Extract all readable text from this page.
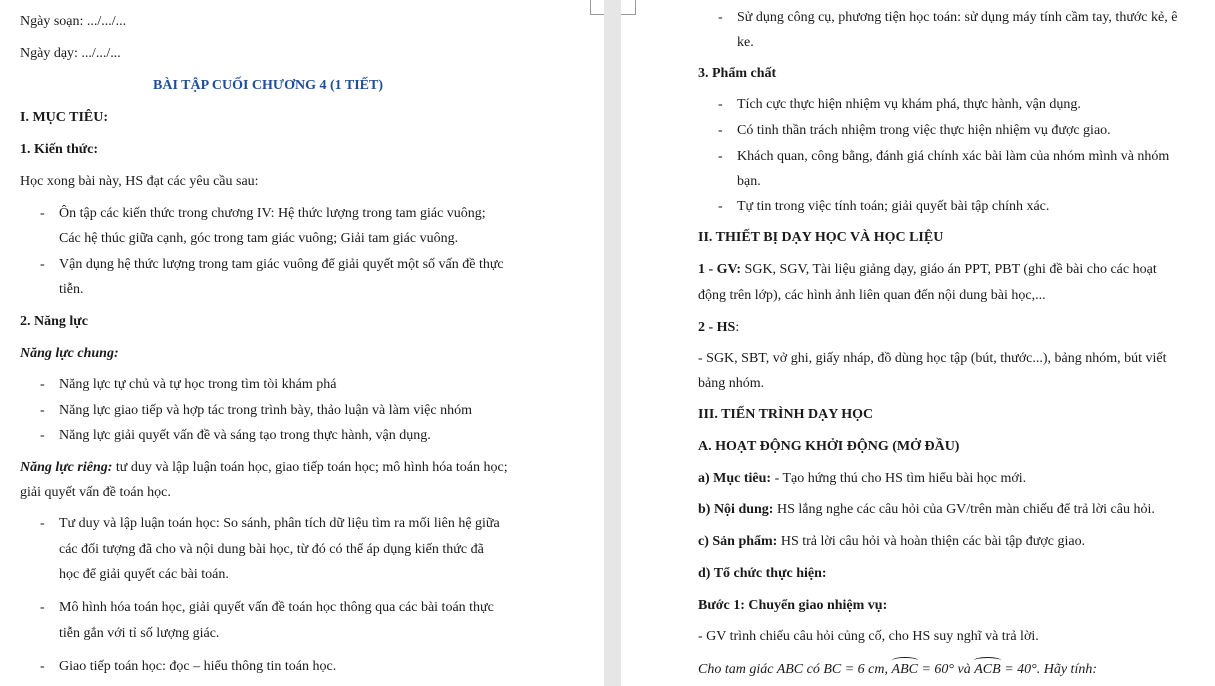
Ngày soạn: .../.../...
Ngày dạy: .../.../...
BÀI TẬP CUỐI CHƯƠNG 4 (1 TIẾT)
I. MỤC TIÊU:
1. Kiến thức:
Học xong bài này, HS đạt các yêu cầu sau:
- Ôn tập các kiến thức trong chương IV: Hệ thức lượng trong tam giác vuông;
Các hệ thúc giữa cạnh, góc trong tam giác vuông; Giải tam giác vuông.
- Vận dụng hệ thức lượng trong tam giác vuông để giải quyết một số vấn đề thực
tiễn.
2. Năng lực
Năng lực chung:
- Năng lực tự chủ và tự học trong tìm tòi khám phá
- Năng lực giao tiếp và hợp tác trong trình bày, thảo luận và làm việc nhóm
- Năng lực giải quyết vấn đề và sáng tạo trong thực hành, vận dụng.
Năng lực riêng: tư duy và lập luận toán học, giao tiếp toán học; mô hình hóa toán học;
giải quyết vấn đề toán học.
- Tư duy và lập luận toán học: So sánh, phân tích dữ liệu tìm ra mối liên hệ giữa
các đối tượng đã cho và nội dung bài học, từ đó có thể áp dụng kiến thức đã
học để giải quyết các bài toán.
- Mô hình hóa toán học, giải quyết vấn đề toán học thông qua các bài toán thực
tiễn gắn với tỉ số lượng giác.
- Giao tiếp toán học: đọc – hiểu thông tin toán học.
- Sử dụng công cụ, phương tiện học toán: sử dụng máy tính cầm tay, thước kẻ, ê
ke.
3. Phẩm chất
- Tích cực thực hiện nhiệm vụ khám phá, thực hành, vận dụng.
- Có tinh thần trách nhiệm trong việc thực hiện nhiệm vụ được giao.
- Khách quan, công bằng, đánh giá chính xác bài làm của nhóm mình và nhóm
bạn.
- Tự tin trong việc tính toán; giải quyết bài tập chính xác.
II. THIẾT BỊ DẠY HỌC VÀ HỌC LIỆU
1 - GV: SGK, SGV, Tài liệu giảng dạy, giáo án PPT, PBT (ghi đề bài cho các hoạt
động trên lớp), các hình ảnh liên quan đến nội dung bài học,...
2 - HS:
- SGK, SBT, vở ghi, giấy nháp, đồ dùng học tập (bút, thước...), bảng nhóm, bút viết
bảng nhóm.
III. TIẾN TRÌNH DẠY HỌC
A. HOẠT ĐỘNG KHỞI ĐỘNG (MỞ ĐẦU)
a) Mục tiêu: - Tạo hứng thú cho HS tìm hiểu bài học mới.
b) Nội dung: HS lắng nghe các câu hỏi của GV/trên màn chiếu để trả lời câu hỏi.
c) Sản phẩm: HS trả lời câu hỏi và hoàn thiện các bài tập được giao.
d) Tổ chức thực hiện:
Bước 1: Chuyển giao nhiệm vụ:
- GV trình chiếu câu hỏi củng cố, cho HS suy nghĩ và trả lời.
Cho tam giác ABC có BC = 6 cm, ABC = 60° và ACB = 40°. Hãy tính:
